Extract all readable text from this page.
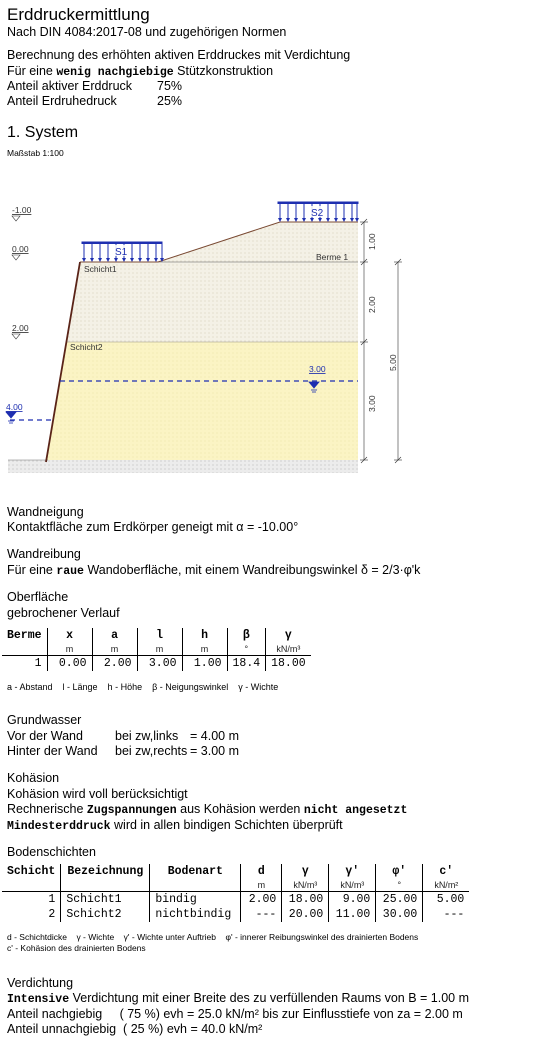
Erddruckermittlung
Nach DIN 4084:2017-08 und zugehörigen Normen
Berechnung des erhöhten aktiven Erddruckes mit Verdichtung
Für eine wenig nachgiebige Stützkonstruktion
Anteil aktiver Erddruck 75%
Anteil Erdruhedruck	25%
1. System
Maßstab 1:100
3.00
4.00
-1.00
0.00
2.00
S1
S2
Schicht1
Schicht2
Berme 1
1.00
2.00
3.00
5.00
Wandneigung
Kontaktfläche zum Erdkörper geneigt mit α = -10.00°
Wandreibung
Für eine raue Wandoberfläche, mit einem Wandreibungswinkel δ = 2/3·φ'k
Oberfläche
gebrochener Verlauf
Berme	x	a	l	h	β	γ
	m	m	m	m	°	kN/m³
1	0.00	2.00	3.00	1.00	18.4	18.00
a - Abstand    l - Länge    h - Höhe    β - Neigungswinkel    γ - Wichte
Grundwasser
Vor der Wand	bei zw,links = 4.00 m
Hinter der Wand bei zw,rechts = 3.00 m
Kohäsion
Kohäsion wird voll berücksichtigt
Rechnerische Zugspannungen aus Kohäsion werden nicht angesetzt
Mindesterddruck wird in allen bindigen Schichten überprüft
Bodenschichten
Schicht	Bezeichnung	Bodenart	d	γ	γ'	φ'	c'
			m	kN/m³	kN/m³	°	kN/m²
1	Schicht1	bindig	2.00	18.00	9.00	25.00	5.00
2	Schicht2	nichtbindig	---	20.00	11.00	30.00	---
d - Schichtdicke    γ - Wichte    γ' - Wichte unter Auftrieb    φ' - innerer Reibungswinkel des drainierten Bodens
c' - Kohäsion des drainierten Bodens
Verdichtung
Intensive Verdichtung mit einer Breite des zu verfüllenden Raums von B = 1.00 m
Anteil nachgiebig     ( 75 %) evh = 25.0 kN/m² bis zur Einflusstiefe von za = 2.00 m
Anteil unnachgiebig  ( 25 %) evh = 40.0 kN/m²
